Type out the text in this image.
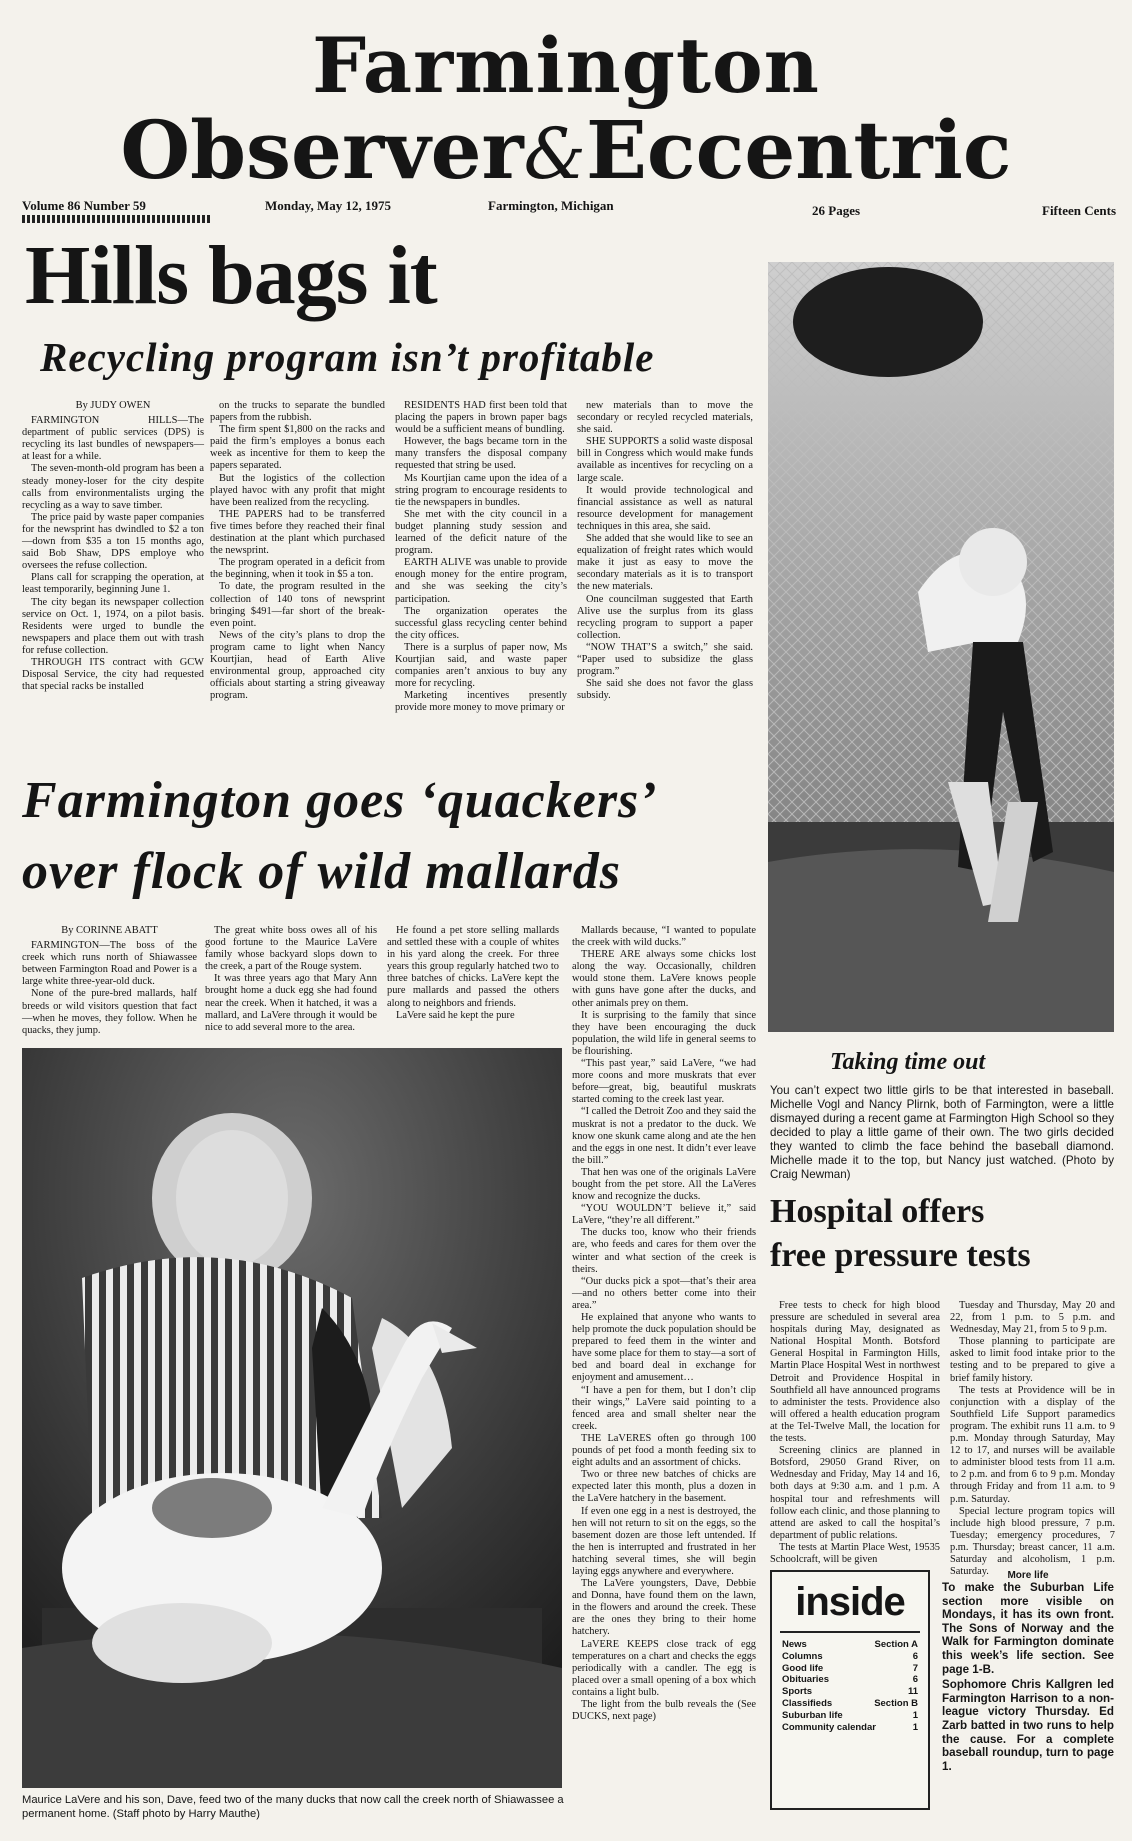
Farmington
Observer&Eccentric
Volume 86 Number 59	Monday, May 12, 1975	Farmington, Michigan	26 Pages	Fifteen Cents
Hills bags it
Recycling program isn’t profitable

By JUDY OWEN

FARMINGTON HILLS—The department of public services (DPS) is recycling its last bundles of newspapers—at least for a while.

The seven-month-old program has been a steady money-loser for the city despite calls from environmentalists urging the recycling as a way to save timber.

The price paid by waste paper companies for the newsprint has dwindled to $2 a ton—down from $35 a ton 15 months ago, said Bob Shaw, DPS employe who oversees the refuse collection.

Plans call for scrapping the operation, at least temporarily, beginning June 1.

The city began its newspaper collection service on Oct. 1, 1974, on a pilot basis. Residents were urged to bundle the newspapers and place them out with trash for refuse collection.

THROUGH ITS contract with GCW Disposal Service, the city had requested that special racks be installed

on the trucks to separate the bundled papers from the rubbish.

The firm spent $1,800 on the racks and paid the firm’s employes a bonus each week as incentive for them to keep the papers separated.

But the logistics of the collection played havoc with any profit that might have been realized from the recycling.

THE PAPERS had to be transferred five times before they reached their final destination at the plant which purchased the newsprint.

The program operated in a deficit from the beginning, when it took in $5 a ton.

To date, the program resulted in the collection of 140 tons of newsprint bringing $491—far short of the break-even point.

News of the city’s plans to drop the program came to light when Nancy Kourtjian, head of Earth Alive environmental group, approached city officials about starting a string giveaway program.

RESIDENTS HAD first been told that placing the papers in brown paper bags would be a sufficient means of bundling.

However, the bags became torn in the many transfers the disposal company requested that string be used.

Ms Kourtjian came upon the idea of a string program to encourage residents to tie the newspapers in bundles.

She met with the city council in a budget planning study session and learned of the deficit nature of the program.

EARTH ALIVE was unable to provide enough money for the entire program, and she was seeking the city’s participation.

The organization operates the successful glass recycling center behind the city offices.

There is a surplus of paper now, Ms Kourtjian said, and waste paper companies aren’t anxious to buy any more for recycling.

Marketing incentives presently provide more money to move primary or

new materials than to move the secondary or recyled recycled materials, she said.

SHE SUPPORTS a solid waste disposal bill in Congress which would make funds available as incentives for recycling on a large scale.

It would provide technological and financial assistance as well as natural resource development for management techniques in this area, she said.

She added that she would like to see an equalization of freight rates which would make it just as easy to move the secondary materials as it is to transport the new materials.

One councilman suggested that Earth Alive use the surplus from its glass recycling program to support a paper collection.

“NOW THAT’S a switch,” she said. “Paper used to subsidize the glass program.”

She said she does not favor the glass subsidy.

Taking time out
You can’t expect two little girls to be that interested in baseball. Michelle Vogl and Nancy Plirnk, both of Farmington, were a little dismayed during a recent game at Farmington High School so they decided to play a little game of their own. The two girls decided they wanted to climb the face behind the baseball diamond. Michelle made it to the top, but Nancy just watched. (Photo by Craig Newman)
Farmington goes ‘quackers’
over flock of wild mallards

By CORINNE ABATT

FARMINGTON—The boss of the creek which runs north of Shiawassee between Farmington Road and Power is a large white three-year-old duck.

None of the pure-bred mallards, half breeds or wild visitors question that fact—when he moves, they follow. When he quacks, they jump.

The great white boss owes all of his good fortune to the Maurice LaVere family whose backyard slops down to the creek, a part of the Rouge system.

It was three years ago that Mary Ann brought home a duck egg she had found near the creek. When it hatched, it was a mallard, and LaVere through it would be nice to add several more to the area.

He found a pet store selling mallards and settled these with a couple of whites in his yard along the creek. For three years this group regularly hatched two to three batches of chicks. LaVere kept the pure mallards and passed the others along to neighbors and friends.

LaVere said he kept the pure

Mallards because, “I wanted to populate the creek with wild ducks.”

THERE ARE always some chicks lost along the way. Occasionally, children would stone them. LaVere knows people with guns have gone after the ducks, and other animals prey on them.

It is surprising to the family that since they have been encouraging the duck population, the wild life in general seems to be flourishing.

“This past year,” said LaVere, “we had more coons and more muskrats that ever before—great, big, beautiful muskrats started coming to the creek last year.

“I called the Detroit Zoo and they said the muskrat is not a predator to the duck. We know one skunk came along and ate the hen and the eggs in one nest. It didn’t ever leave the bill.”

That hen was one of the originals LaVere bought from the pet store. All the LaVeres know and recognize the ducks.

“YOU WOULDN’T believe it,” said LaVere, “they’re all different.”

The ducks too, know who their friends are, who feeds and cares for them over the winter and what section of the creek is theirs.

“Our ducks pick a spot—that’s their area—and no others better come into their area.”

He explained that anyone who wants to help promote the duck population should be prepared to feed them in the winter and have some place for them to stay—a sort of bed and board deal in exchange for enjoyment and amusement…

“I have a pen for them, but I don’t clip their wings,” LaVere said pointing to a fenced area and small shelter near the creek.

THE LaVERES often go through 100 pounds of pet food a month feeding six to eight adults and an assortment of chicks.

Two or three new batches of chicks are expected later this month, plus a dozen in the LaVere hatchery in the basement.

If even one egg in a nest is destroyed, the hen will not return to sit on the eggs, so the basement dozen are those left untended. If the hen is interrupted and frustrated in her hatching several times, she will begin laying eggs anywhere and everywhere.

The LaVere youngsters, Dave, Debbie and Donna, have found them on the lawn, in the flowers and around the creek. These are the ones they bring to their home hatchery.

LaVERE KEEPS close track of egg temperatures on a chart and checks the eggs periodically with a candler. The egg is placed over a small opening of a box which contains a light bulb.

The light from the bulb reveals the (See DUCKS, next page)

Maurice LaVere and his son, Dave, feed two of the many ducks that now call the creek north of Shiawassee a permanent home. (Staff photo by Harry Mauthe)
Hospital offers
free pressure tests

Free tests to check for high blood pressure are scheduled in several area hospitals during May, designated as National Hospital Month. Botsford General Hospital in Farmington Hills, Martin Place Hospital West in northwest Detroit and Providence Hospital in Southfield all have announced programs to administer the tests. Providence also will offered a health education program at the Tel-Twelve Mall, the location for the tests.

Screening clinics are planned in Botsford, 29050 Grand River, on Wednesday and Friday, May 14 and 16, both days at 9:30 a.m. and 1 p.m. A hospital tour and refreshments will follow each clinic, and those planning to attend are asked to call the hospital’s department of public relations.

The tests at Martin Place West, 19535 Schoolcraft, will be given

Tuesday and Thursday, May 20 and 22, from 1 p.m. to 5 p.m. and Wednesday, May 21, from 5 to 9 p.m.

Those planning to participate are asked to limit food intake prior to the testing and to be prepared to give a brief family history.

The tests at Providence will be in conjunction with a display of the Southfield Life Support paramedics program. The exhibit runs 11 a.m. to 9 p.m. Monday through Saturday, May 12 to 17, and nurses will be available to administer blood tests from 11 a.m. to 2 p.m. and from 6 to 9 p.m. Monday through Friday and from 11 a.m. to 9 p.m. Saturday.

Special lecture program topics will include high blood pressure, 7 p.m. Tuesday; emergency procedures, 7 p.m. Thursday; breast cancer, 11 a.m. Saturday and alcoholism, 1 p.m. Saturday.

inside
News	Section A
Columns	6
Good life	7
Obituaries	6
Sports	11
Classifieds	Section B
Suburban life	1
Community calendar	1
More life
To make the Suburban Life section more visible on Mondays, it has its own front. The Sons of Norway and the Walk for Farmington dominate this week’s life section. See page 1-B.
Sophomore Chris Kallgren led Farmington Harrison to a non-league victory Thursday. Ed Zarb batted in two runs to help the cause. For a complete baseball roundup, turn to page 1.
